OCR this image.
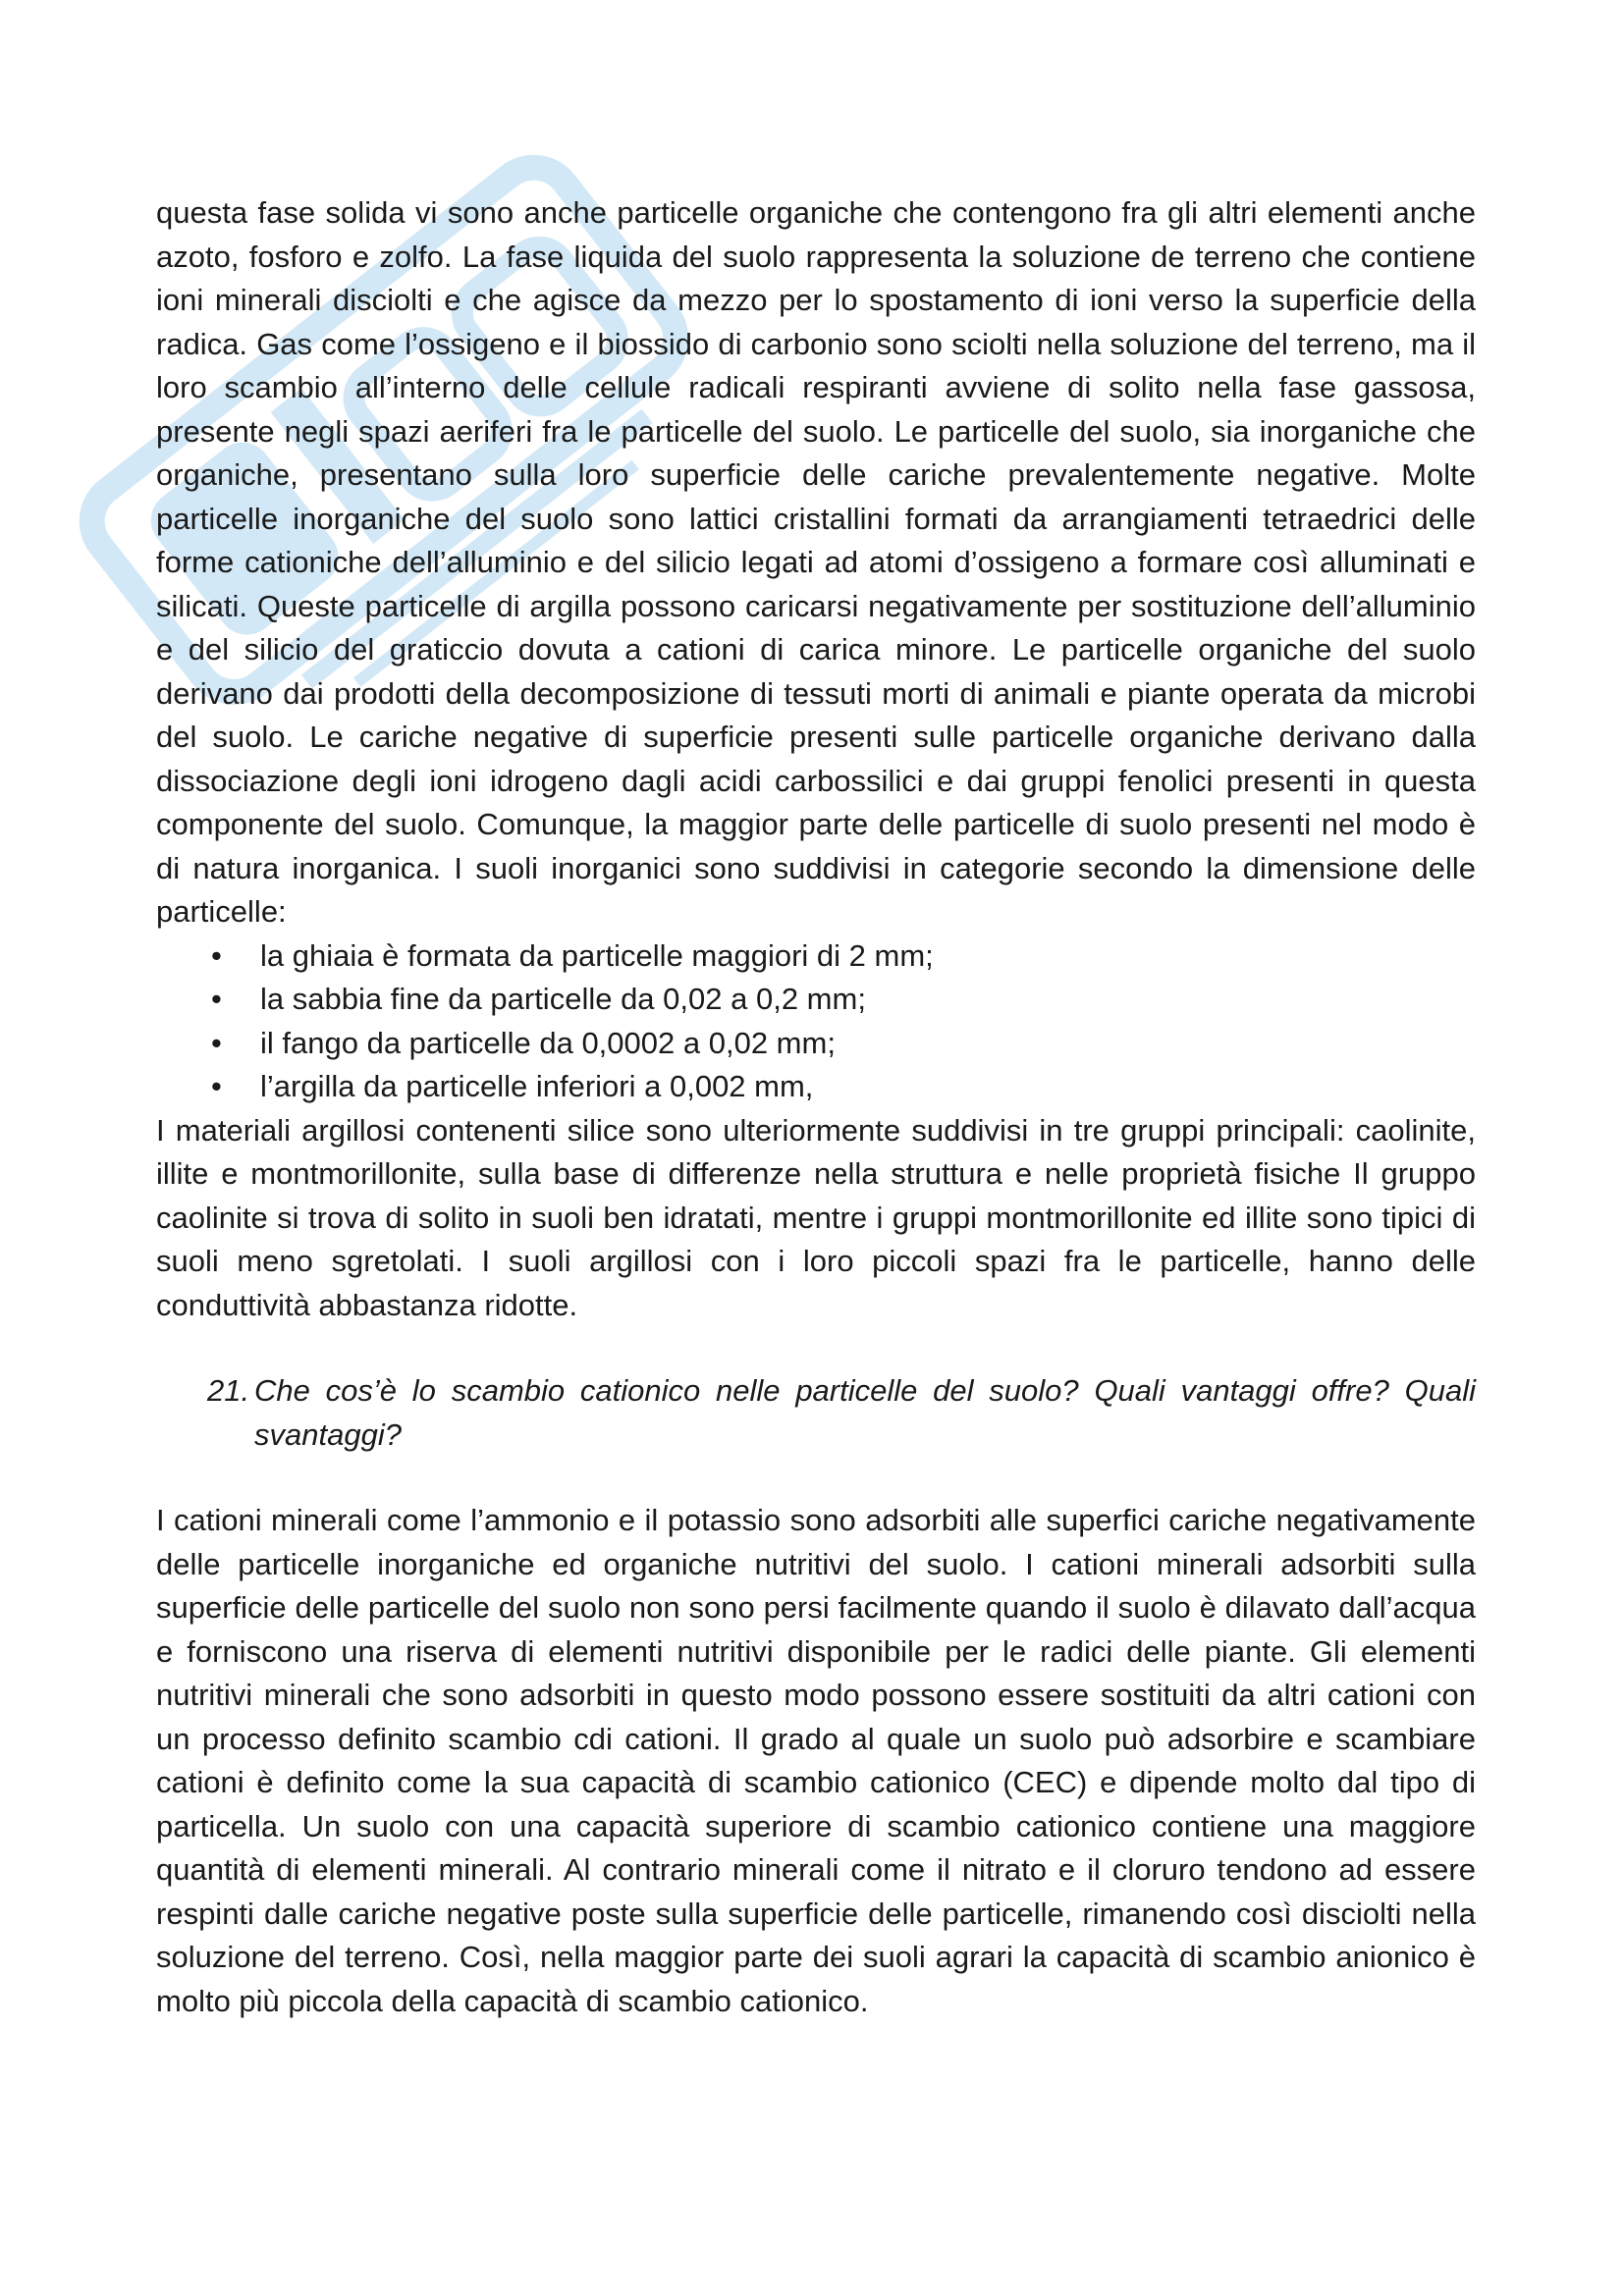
questa fase solida vi sono anche particelle organiche che contengono fra gli altri elementi anche azoto, fosforo e zolfo. La fase liquida del suolo rappresenta la soluzione de terreno che contiene ioni minerali disciolti e che agisce da mezzo per lo spostamento di ioni verso la superficie della radica. Gas come l’ossigeno e il biossido di carbonio sono sciolti nella soluzione del terreno, ma il loro scambio all’interno delle cellule radicali respiranti avviene di solito nella fase gassosa, presente negli spazi aeriferi fra le particelle del suolo. Le particelle del suolo, sia inorganiche che organiche, presentano sulla loro superficie delle cariche prevalentemente negative. Molte particelle inorganiche del suolo sono lattici cristallini formati da arrangiamenti tetraedrici delle forme cationiche dell’alluminio e del silicio legati ad atomi d’ossigeno a formare così alluminati e silicati. Queste particelle di argilla possono caricarsi negativamente per sostituzione dell’alluminio e del silicio del graticcio dovuta a cationi di carica minore. Le particelle organiche del suolo derivano dai prodotti della decomposizione di tessuti morti di animali e piante operata da microbi del suolo. Le cariche negative di superficie presenti sulle particelle organiche derivano dalla dissociazione degli ioni idrogeno dagli acidi carbossilici e dai gruppi fenolici presenti in questa componente del suolo. Comunque, la maggior parte delle particelle di suolo presenti nel modo è di natura inorganica. I suoli inorganici sono suddivisi in categorie secondo la dimensione delle particelle:

• la ghiaia è formata da particelle maggiori di 2 mm;
• la sabbia fine da particelle da 0,02 a 0,2 mm;
• il fango da particelle da 0,0002 a 0,02 mm;
• l’argilla da particelle inferiori a 0,002 mm,

I materiali argillosi contenenti silice sono ulteriormente suddivisi in tre gruppi principali: caolinite, illite e montmorillonite, sulla base di differenze nella struttura e nelle proprietà fisiche Il gruppo caolinite si trova di solito in suoli ben idratati, mentre i gruppi montmorillonite ed illite sono tipici di suoli meno sgretolati. I suoli argillosi con i loro piccoli spazi fra le particelle, hanno delle conduttività abbastanza ridotte.

21. Che cos’è lo scambio cationico nelle particelle del suolo? Quali vantaggi offre? Quali svantaggi?

I cationi minerali come l’ammonio e il potassio sono adsorbiti alle superfici cariche negativamente delle particelle inorganiche ed organiche nutritivi del suolo. I cationi minerali adsorbiti sulla superficie delle particelle del suolo non sono persi facilmente quando il suolo è dilavato dall’acqua e forniscono una riserva di elementi nutritivi disponibile per le radici delle piante. Gli elementi nutritivi minerali che sono adsorbiti in questo modo possono essere sostituiti da altri cationi con un processo definito scambio cdi cationi. Il grado al quale un suolo può adsorbire e scambiare cationi è definito come la sua capacità di scambio cationico (CEC) e dipende molto dal tipo di particella. Un suolo con una capacità superiore di scambio cationico contiene una maggiore quantità di elementi minerali. Al contrario minerali come il nitrato e il cloruro tendono ad essere respinti dalle cariche negative poste sulla superficie delle particelle, rimanendo così disciolti nella soluzione del terreno. Così, nella maggior parte dei suoli agrari la capacità di scambio anionico è molto più piccola della capacità di scambio cationico.
